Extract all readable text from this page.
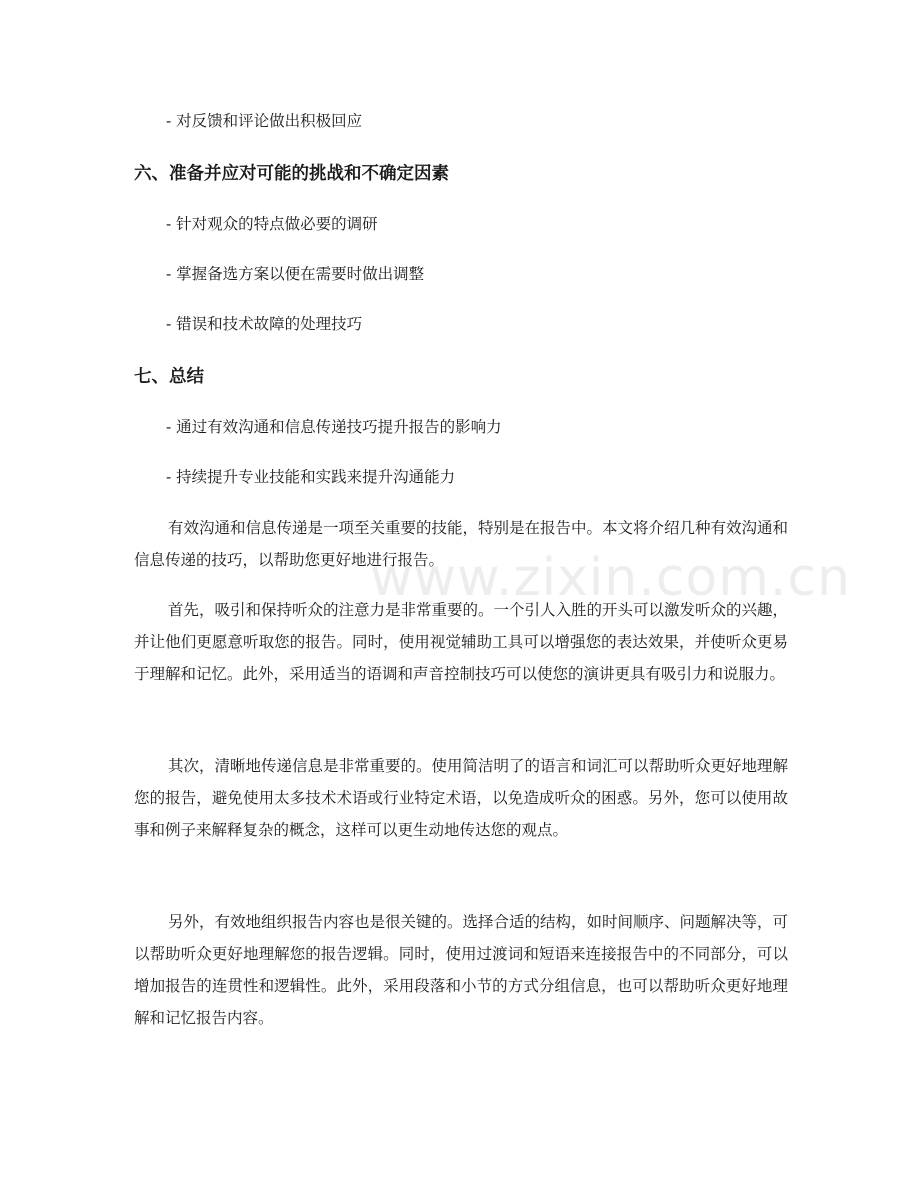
- 对反馈和评论做出积极回应
六、准备并应对可能的挑战和不确定因素
- 针对观众的特点做必要的调研
- 掌握备选方案以便在需要时做出调整
- 错误和技术故障的处理技巧
七、总结
- 通过有效沟通和信息传递技巧提升报告的影响力
- 持续提升专业技能和实践来提升沟通能力
有效沟通和信息传递是一项至关重要的技能，特别是在报告中。本文将介绍几种有效沟通和信息传递的技巧，以帮助您更好地进行报告。
首先，吸引和保持听众的注意力是非常重要的。一个引人入胜的开头可以激发听众的兴趣，并让他们更愿意听取您的报告。同时，使用视觉辅助工具可以增强您的表达效果，并使听众更易于理解和记忆。此外，采用适当的语调和声音控制技巧可以使您的演讲更具有吸引力和说服力。
其次，清晰地传递信息是非常重要的。使用简洁明了的语言和词汇可以帮助听众更好地理解您的报告，避免使用太多技术术语或行业特定术语，以免造成听众的困惑。另外，您可以使用故事和例子来解释复杂的概念，这样可以更生动地传达您的观点。
另外，有效地组织报告内容也是很关键的。选择合适的结构，如时间顺序、问题解决等，可以帮助听众更好地理解您的报告逻辑。同时，使用过渡词和短语来连接报告中的不同部分，可以增加报告的连贯性和逻辑性。此外，采用段落和小节的方式分组信息，也可以帮助听众更好地理解和记忆报告内容。
www.zixin.com.cn
